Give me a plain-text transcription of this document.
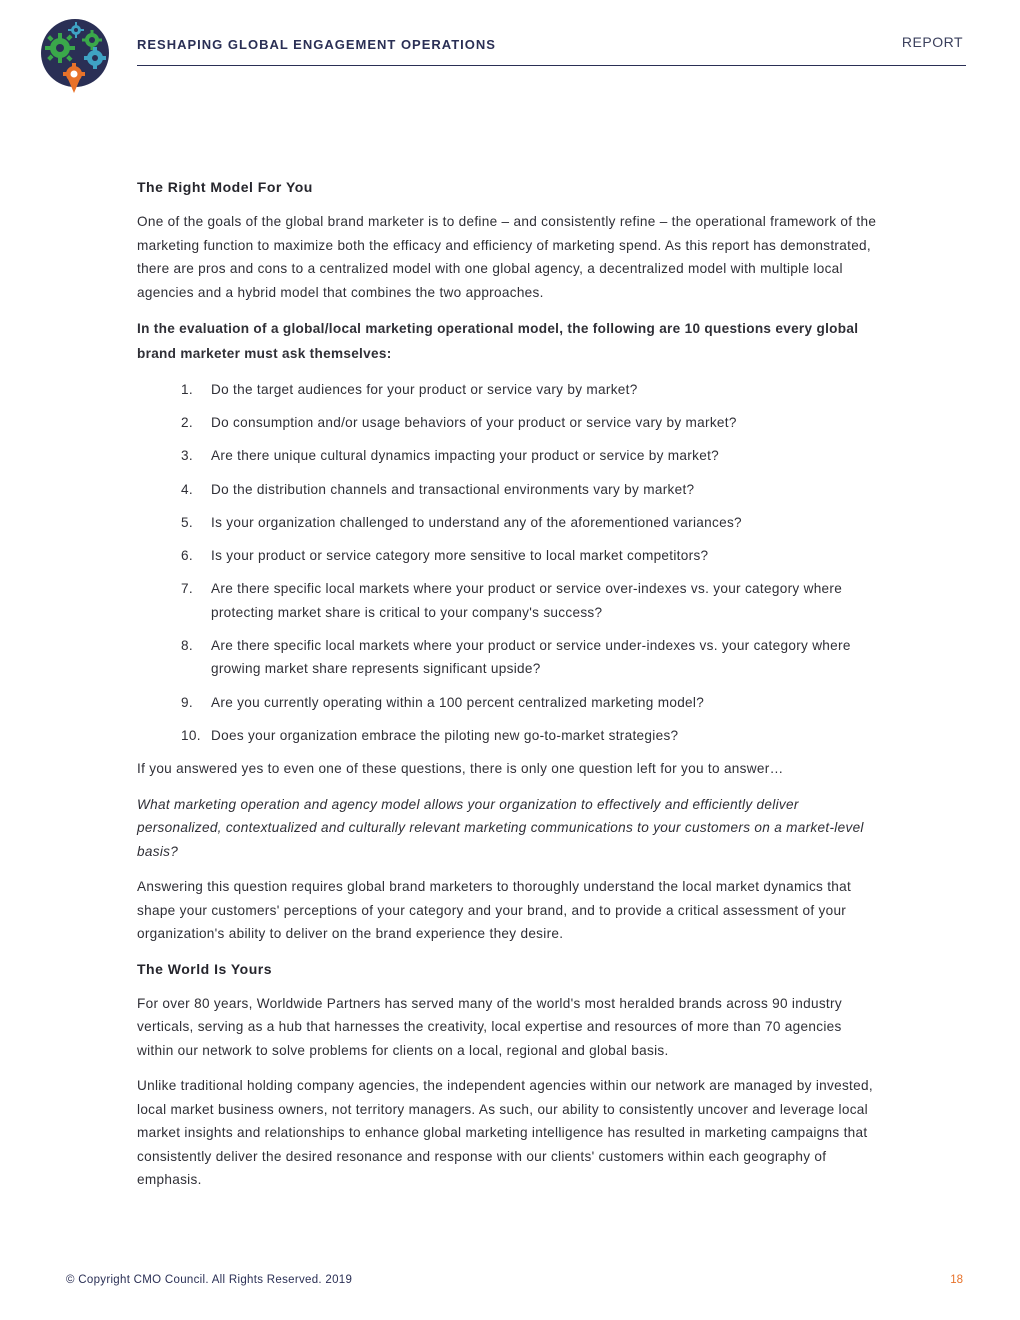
RESHAPING GLOBAL ENGAGEMENT OPERATIONS	REPORT
The Right Model For You

One of the goals of the global brand marketer is to define – and consistently refine – the operational framework of the marketing function to maximize both the efficacy and efficiency of marketing spend. As this report has demonstrated, there are pros and cons to a centralized model with one global agency, a decentralized model with multiple local agencies and a hybrid model that combines the two approaches.

In the evaluation of a global/local marketing operational model, the following are 10 questions every global brand marketer must ask themselves:

1.	Do the target audiences for your product or service vary by market?
2.	Do consumption and/or usage behaviors of your product or service vary by market?
3.	Are there unique cultural dynamics impacting your product or service by market?
4.	Do the distribution channels and transactional environments vary by market?
5.	Is your organization challenged to understand any of the aforementioned variances?
6.	Is your product or service category more sensitive to local market competitors?
7.	Are there specific local markets where your product or service over-indexes vs. your category where protecting market share is critical to your company's success?
8.	Are there specific local markets where your product or service under-indexes vs. your category where growing market share represents significant upside?
9.	Are you currently operating within a 100 percent centralized marketing model?
10. Does your organization embrace the piloting new go-to-market strategies?

If you answered yes to even one of these questions, there is only one question left for you to answer…

What marketing operation and agency model allows your organization to effectively and efficiently deliver personalized, contextualized and culturally relevant marketing communications to your customers on a market-level basis?

Answering this question requires global brand marketers to thoroughly understand the local market dynamics that shape your customers' perceptions of your category and your brand, and to provide a critical assessment of your organization's ability to deliver on the brand experience they desire.

The World Is Yours

For over 80 years, Worldwide Partners has served many of the world's most heralded brands across 90 industry verticals, serving as a hub that harnesses the creativity, local expertise and resources of more than 70 agencies within our network to solve problems for clients on a local, regional and global basis.

Unlike traditional holding company agencies, the independent agencies within our network are managed by invested, local market business owners, not territory managers. As such, our ability to consistently uncover and leverage local market insights and relationships to enhance global marketing intelligence has resulted in marketing campaigns that consistently deliver the desired resonance and response with our clients' customers within each geography of emphasis.

© Copyright CMO Council. All Rights Reserved. 2019	18
